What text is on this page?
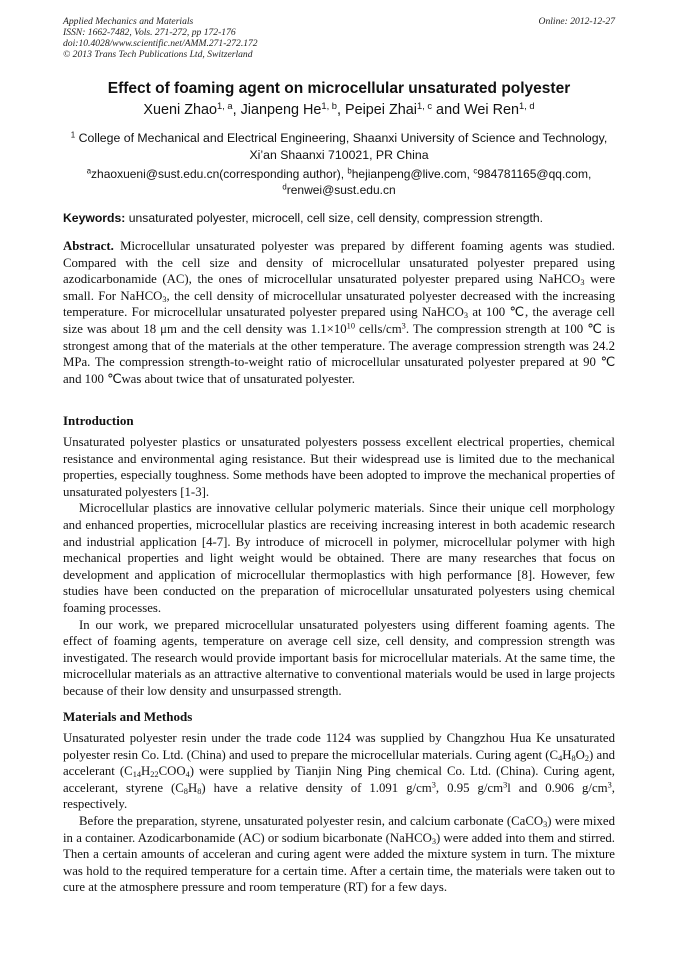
Applied Mechanics and Materials
ISSN: 1662-7482, Vols. 271-272, pp 172-176
doi:10.4028/www.scientific.net/AMM.271-272.172
© 2013 Trans Tech Publications Ltd, Switzerland
Online: 2012-12-27
Effect of foaming agent on microcellular unsaturated polyester
Xueni Zhao$^{1, a}$, Jianpeng He$^{1, b}$, Peipei Zhai$^{1, c}$ and Wei Ren$^{1, d}$
$^1$ College of Mechanical and Electrical Engineering, Shaanxi University of Science and Technology,
Xi’an Shaanxi 710021, PR China
$^a$zhaoxueni@sust.edu.cn(corresponding author), $^b$hejianpeng@live.com, $^c$984781165@qq.com,
$^d$renwei@sust.edu.cn
Keywords: unsaturated polyester, microcell, cell size, cell density, compression strength.

Abstract. Microcellular unsaturated polyester was prepared by different foaming agents was studied. Compared with the cell size and density of microcellular unsaturated polyester prepared using azodicarbonamide (AC), the ones of microcellular unsaturated polyester prepared using NaHCO$_3$ were small. For NaHCO$_3$, the cell density of microcellular unsaturated polyester decreased with the increasing temperature. For microcellular unsaturated polyester prepared using NaHCO$_3$ at 100 ℃, the average cell size was about 18 μm and the cell density was $1.1\times 10^{10}$ cells/$cm^3$. The compression strength at 100 ℃ is strongest among that of the materials at the other temperature. The average compression strength was 24.2 MPa. The compression strength-to-weight ratio of microcellular unsaturated polyester prepared at 90 ℃ and 100 ℃was about twice that of unsaturated polyester.

Introduction

Unsaturated polyester plastics or unsaturated polyesters possess excellent electrical properties, chemical resistance and environmental aging resistance. But their widespread use is limited due to the mechanical properties, especially toughness. Some methods have been adopted to improve the mechanical properties of unsaturated polyesters [1-3].

Microcellular plastics are innovative cellular polymeric materials. Since their unique cell morphology and enhanced properties, microcellular plastics are receiving increasing interest in both academic research and industrial application [4-7]. By introduce of microcell in polymer, microcellular polymer with high mechanical properties and light weight would be obtained. There are many researches that focus on development and application of microcellular thermoplastics with high performance [8]. However, few studies have been conducted on the preparation of microcellular unsaturated polyesters using chemical foaming processes.

In our work, we prepared microcellular unsaturated polyesters using different foaming agents. The effect of foaming agents, temperature on average cell size, cell density, and compression strength was investigated. The research would provide important basis for microcellular materials. At the same time, the microcellular materials as an attractive alternative to conventional materials would be used in large projects because of their low density and unsurpassed strength.

Materials and Methods

Unsaturated polyester resin under the trade code 1124 was supplied by Changzhou Hua Ke unsaturated polyester resin Co. Ltd. (China) and used to prepare the microcellular materials. Curing agent $(C_4H_8O_2)$ and accelerant $(C_{14}H_{22}COO_4)$ were supplied by Tianjin Ning Ping chemical Co. Ltd. (China). Curing agent, accelerant, styrene $(C_8H_8)$ have a relative density of 1.091 $g/cm^3$, 0.95 $g/cm^3l$ and 0.906 $g/cm^3$, respectively.

Before the preparation, styrene, unsaturated polyester resin, and calcium carbonate (CaCO$_3$) were mixed in a container. Azodicarbonamide (AC) or sodium bicarbonate (NaHCO$_3$) were added into them and stirred. Then a certain amounts of acceleran and curing agent were added the mixture system in turn. The mixture was hold to the required temperature for a certain time. After a certain time, the materials were taken out to cure at the atmosphere pressure and room temperature (RT) for a few days.
